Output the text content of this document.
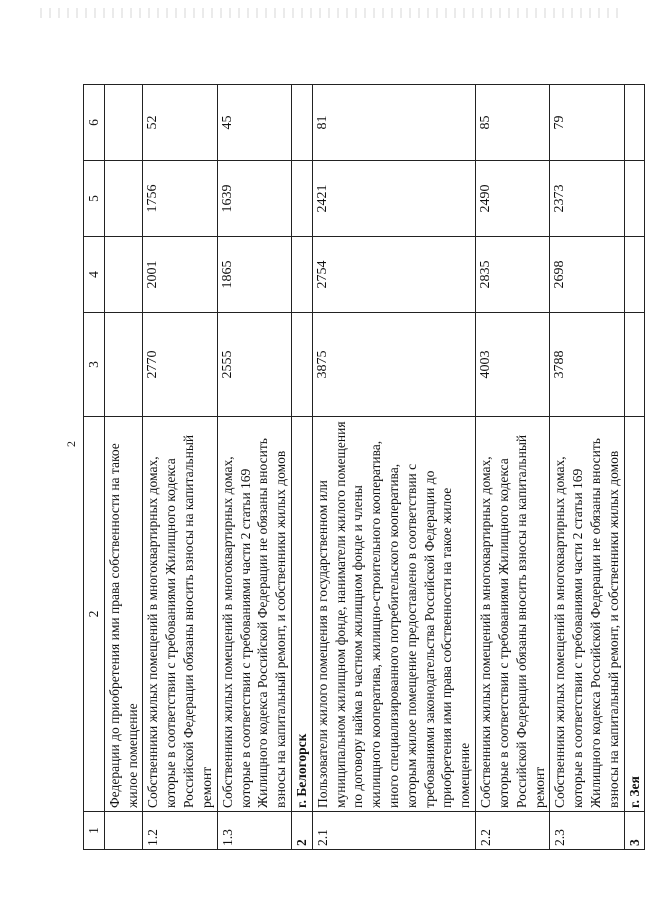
2
1	2	3	4	5	6
	Федерации до приобретения ими права собственности на такое жилое помещение				
1.2	Собственники жилых помещений в многоквартирных домах, которые в соответствии с требованиями Жилищного кодекса Российской Федерации обязаны вносить взносы на капитальный ремонт	2770	2001	1756	52
1.3	Собственники жилых помещений в многоквартирных домах, которые в соответствии с требованиями части 2 статьи 169 Жилищного кодекса Российской Федерации не обязаны вносить взносы на капитальный ремонт, и собственники жилых домов	2555	1865	1639	45
2	г. Белогорск				
2.1	Пользователи жилого помещения в государственном или муниципальном жилищном фонде, наниматели жилого помещения по договору найма в частном жилищном фонде и члены жилищного кооператива, жилищно-строительного кооператива, иного специализированного потребительского кооператива, которым жилое помещение предоставлено в соответствии с требованиями законодательства Российской Федерации до приобретения ими права собственности на такое жилое помещение	3875	2754	2421	81
2.2	Собственники жилых помещений в многоквартирных домах, которые в соответствии с требованиями Жилищного кодекса Российской Федерации обязаны вносить взносы на капитальный ремонт	4003	2835	2490	85
2.3	Собственники жилых помещений в многоквартирных домах, которые в соответствии с требованиями части 2 статьи 169 Жилищного кодекса Российской Федерации не обязаны вносить взносы на капитальный ремонт, и собственники жилых домов	3788	2698	2373	79
3	г. Зея				
